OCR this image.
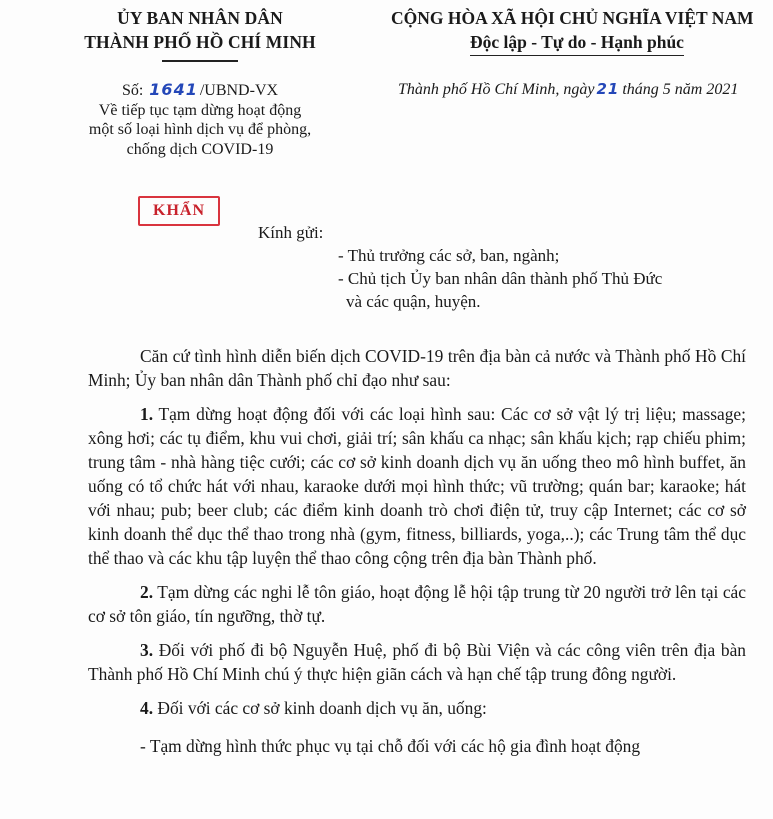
ỦY BAN NHÂN DÂN
THÀNH PHỐ HỒ CHÍ MINH
Số: 1641 /UBND-VX
Về tiếp tục tạm dừng hoạt động
một số loại hình dịch vụ để phòng,
chống dịch COVID-19
CỘNG HÒA XÃ HỘI CHỦ NGHĨA VIỆT NAM
Độc lập - Tự do - Hạnh phúc
Thành phố Hồ Chí Minh, ngày 21 tháng 5 năm 2021
KHẨN
Kính gửi:
- Thủ trưởng các sở, ban, ngành;
- Chủ tịch Ủy ban nhân dân thành phố Thủ Đức
và các quận, huyện.

Căn cứ tình hình diễn biến dịch COVID-19 trên địa bàn cả nước và Thành phố Hồ Chí Minh; Ủy ban nhân dân Thành phố chỉ đạo như sau:

1. Tạm dừng hoạt động đối với các loại hình sau: Các cơ sở vật lý trị liệu; massage; xông hơi; các tụ điểm, khu vui chơi, giải trí; sân khấu ca nhạc; sân khấu kịch; rạp chiếu phim; trung tâm - nhà hàng tiệc cưới; các cơ sở kinh doanh dịch vụ ăn uống theo mô hình buffet, ăn uống có tổ chức hát với nhau, karaoke dưới mọi hình thức; vũ trường; quán bar; karaoke; hát với nhau; pub; beer club; các điểm kinh doanh trò chơi điện tử, truy cập Internet; các cơ sở kinh doanh thể dục thể thao trong nhà (gym, fitness, billiards, yoga,..); các Trung tâm thể dục thể thao và các khu tập luyện thể thao công cộng trên địa bàn Thành phố.

2. Tạm dừng các nghi lễ tôn giáo, hoạt động lễ hội tập trung từ 20 người trở lên tại các cơ sở tôn giáo, tín ngưỡng, thờ tự.

3. Đối với phố đi bộ Nguyễn Huệ, phố đi bộ Bùi Viện và các công viên trên địa bàn Thành phố Hồ Chí Minh chú ý thực hiện giãn cách và hạn chế tập trung đông người.

4. Đối với các cơ sở kinh doanh dịch vụ ăn, uống:

- Tạm dừng hình thức phục vụ tại chỗ đối với các hộ gia đình hoạt động
